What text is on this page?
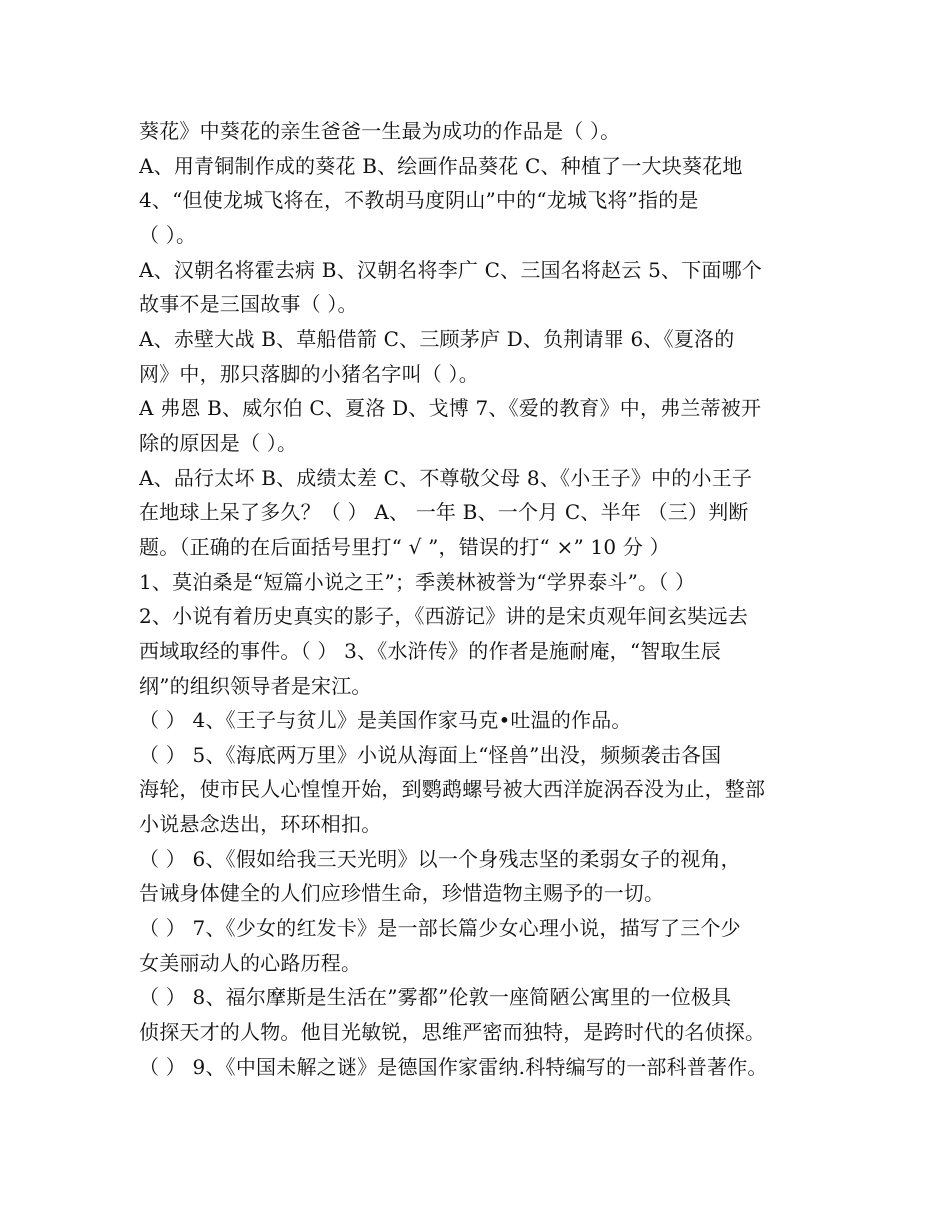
葵花》中葵花的亲生爸爸一生最为成功的作品是（ ）。
A、用青铜制作成的葵花 B、绘画作品葵花 C、种植了一大块葵花地
4、“但使龙城飞将在，不教胡马度阴山”中的“龙城飞将”指的是
（ ）。
A、汉朝名将霍去病 B、汉朝名将李广 C、三国名将赵云 5、下面哪个
故事不是三国故事（ ）。
A、赤壁大战 B、草船借箭 C、三顾茅庐 D、负荆请罪 6、《夏洛的
网》中，那只落脚的小猪名字叫（ ）。
A 弗恩 B、威尔伯 C、夏洛 D、戈博 7、《爱的教育》中，弗兰蒂被开
除的原因是（ ）。
A、品行太坏 B、成绩太差 C、不尊敬父母 8、《小王子》中的小王子
在地球上呆了多久？（ ） A、 一年 B、一个月 C、半年 （三）判断
题。（正确的在后面括号里打“ √ ”，错误的打“ ×” 10 分 ）
1、莫泊桑是“短篇小说之王”；季羡林被誉为“学界泰斗”。（ ）
2、小说有着历史真实的影子，《西游记》讲的是宋贞观年间玄奘远去
西域取经的事件。（ ） 3、《水浒传》的作者是施耐庵，“智取生辰
纲”的组织领导者是宋江。
（ ） 4、《王子与贫儿》是美国作家马克•吐温的作品。
（ ） 5、《海底两万里》小说从海面上“怪兽”出没，频频袭击各国
海轮，使市民人心惶惶开始，到鹦鹉螺号被大西洋旋涡吞没为止，整部
小说悬念迭出，环环相扣。
（ ） 6、《假如给我三天光明》以一个身残志坚的柔弱女子的视角，
告诫身体健全的人们应珍惜生命，珍惜造物主赐予的一切。
（ ） 7、《少女的红发卡》是一部长篇少女心理小说，描写了三个少
女美丽动人的心路历程。
（ ） 8、福尔摩斯是生活在”雾都”伦敦一座简陋公寓里的一位极具
侦探天才的人物。他目光敏锐，思维严密而独特，是跨时代的名侦探。
（ ） 9、《中国未解之谜》是德国作家雷纳.科特编写的一部科普著作。
